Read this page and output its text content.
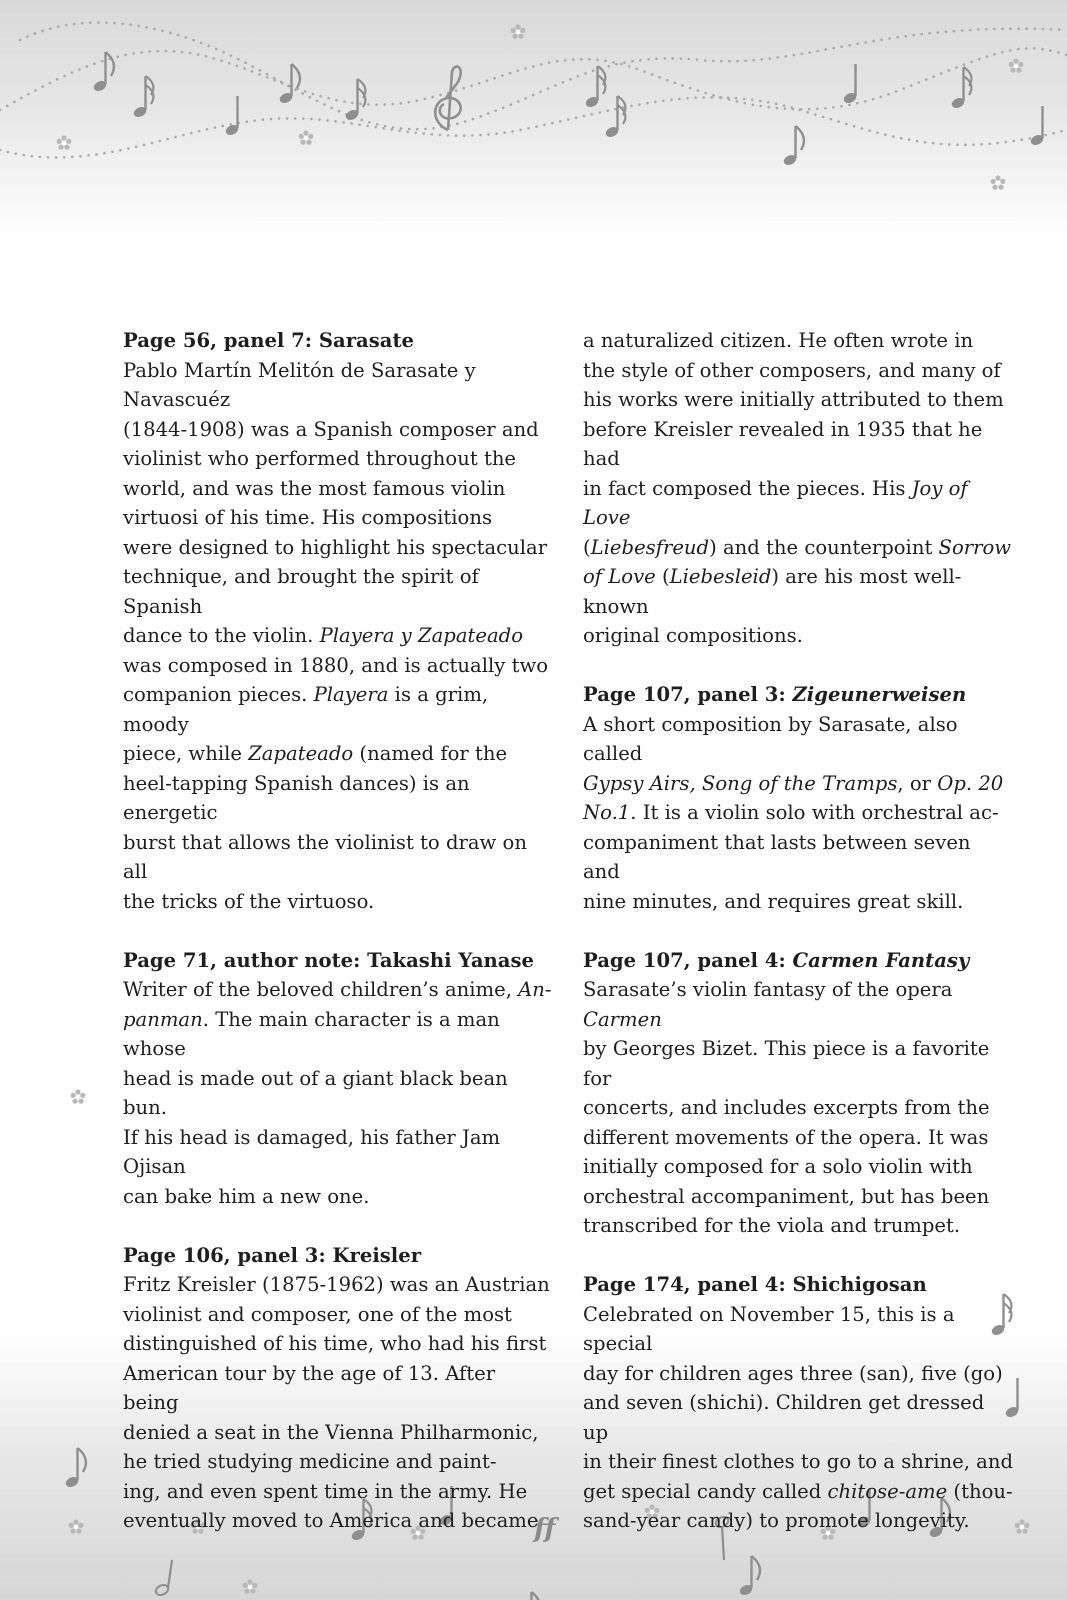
ff
Page 56, panel 7: Sarasate
Pablo Martín Melitón de Sarasate y Navascuéz
(1844-1908) was a Spanish composer and
violinist who performed throughout the
world, and was the most famous violin
virtuosi of his time. His compositions
were designed to highlight his spectacular
technique, and brought the spirit of Spanish
dance to the violin. Playera y Zapateado
was composed in 1880, and is actually two
companion pieces. Playera is a grim, moody
piece, while Zapateado (named for the
heel-tapping Spanish dances) is an energetic
burst that allows the violinist to draw on all
the tricks of the virtuoso.
Page 71, author note: Takashi Yanase
Writer of the beloved children’s anime, An-
panman. The main character is a man whose
head is made out of a giant black bean bun.
If his head is damaged, his father Jam Ojisan
can bake him a new one.
Page 106, panel 3: Kreisler
Fritz Kreisler (1875-1962) was an Austrian
violinist and composer, one of the most
distinguished of his time, who had his first
American tour by the age of 13. After being
denied a seat in the Vienna Philharmonic,
he tried studying medicine and paint-
ing, and even spent time in the army. He
eventually moved to America and became
a naturalized citizen. He often wrote in
the style of other composers, and many of
his works were initially attributed to them
before Kreisler revealed in 1935 that he had
in fact composed the pieces. His Joy of Love
(Liebesfreud) and the counterpoint Sorrow
of Love (Liebesleid) are his most well-known
original compositions.
Page 107, panel 3: Zigeunerweisen
A short composition by Sarasate, also called
Gypsy Airs, Song of the Tramps, or Op. 20
No.1. It is a violin solo with orchestral ac-
companiment that lasts between seven and
nine minutes, and requires great skill.
Page 107, panel 4: Carmen Fantasy
Sarasate’s violin fantasy of the opera Carmen
by Georges Bizet. This piece is a favorite for
concerts, and includes excerpts from the
different movements of the opera. It was
initially composed for a solo violin with
orchestral accompaniment, but has been
transcribed for the viola and trumpet.
Page 174, panel 4: Shichigosan
Celebrated on November 15, this is a special
day for children ages three (san), five (go)
and seven (shichi). Children get dressed up
in their finest clothes to go to a shrine, and
get special candy called chitose-ame (thou-
sand-year candy) to promote longevity.
